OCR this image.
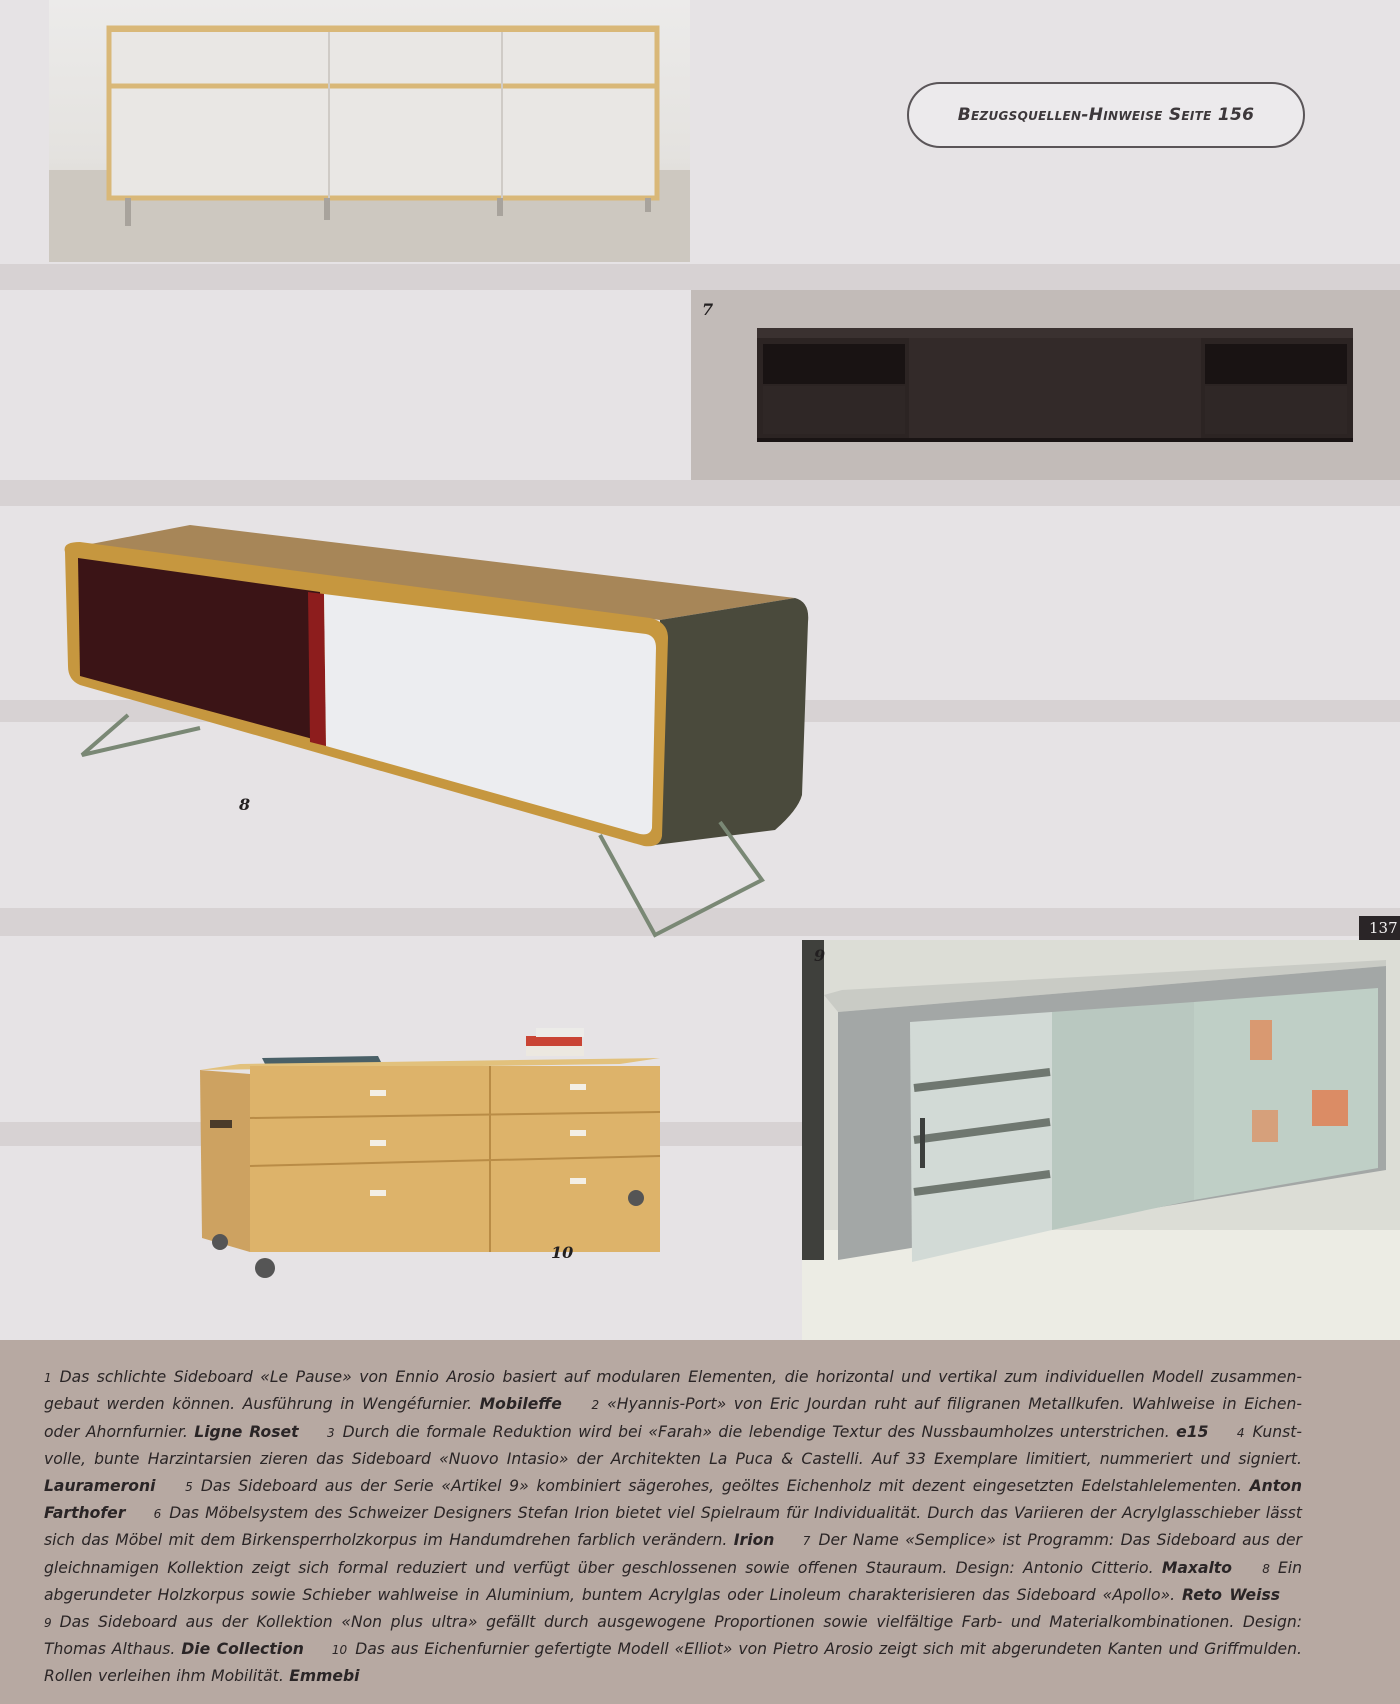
Bezugsquellen-Hinweise Seite 156
7
8
137
10
9
1 Das schlichte Sideboard «Le Pause» von Ennio Arosio basiert auf modularen Elementen, die horizontal und vertikal zum individuellen Modell zusammengebaut werden können. Ausführung in Wengéfurnier. Mobileffe 2 «Hyannis-Port» von Eric Jourdan ruht auf filigranen Metallkufen. Wahlweise in Eichen- oder Ahornfurnier. Ligne Roset 3 Durch die formale Reduktion wird bei «Farah» die lebendige Textur des Nussbaumholzes unterstrichen. e15 4 Kunstvolle, bunte Harzintarsien zieren das Sideboard «Nuovo Intasio» der Architekten La Puca & Castelli. Auf 33 Exemplare limitiert, nummeriert und signiert. Laurameroni 5 Das Sideboard aus der Serie «Artikel 9» kombiniert sägerohes, geöltes Eichenholz mit dezent eingesetzten Edelstahlelementen. Anton Farthofer 6 Das Möbelsystem des Schweizer Designers Stefan Irion bietet viel Spielraum für Individualität. Durch das Variieren der Acrylglasschieber lässt sich das Möbel mit dem Birkensperrholzkorpus im Handumdrehen farblich verändern. Irion 7 Der Name «Semplice» ist Programm: Das Sideboard aus der gleichnamigen Kollektion zeigt sich formal reduziert und verfügt über geschlossenen sowie offenen Stauraum. Design: Antonio Citterio. Maxalto	8 Ein abgerundeter Holzkorpus sowie Schieber wahlweise in Aluminium, buntem Acrylglas oder Linoleum charakterisieren das Sideboard «Apollo». Reto Weiss 9 Das Sideboard aus der Kollektion «Non plus ultra» gefällt durch ausgewogene Proportionen sowie vielfältige Farb- und Materialkombinationen. Design: Thomas Althaus. Die Collection 10 Das aus Eichenfurnier gefertigte Modell «Elliot» von Pietro Arosio zeigt sich mit abgerundeten Kanten und Griffmulden. Rollen verleihen ihm Mobilität. Emmebi
